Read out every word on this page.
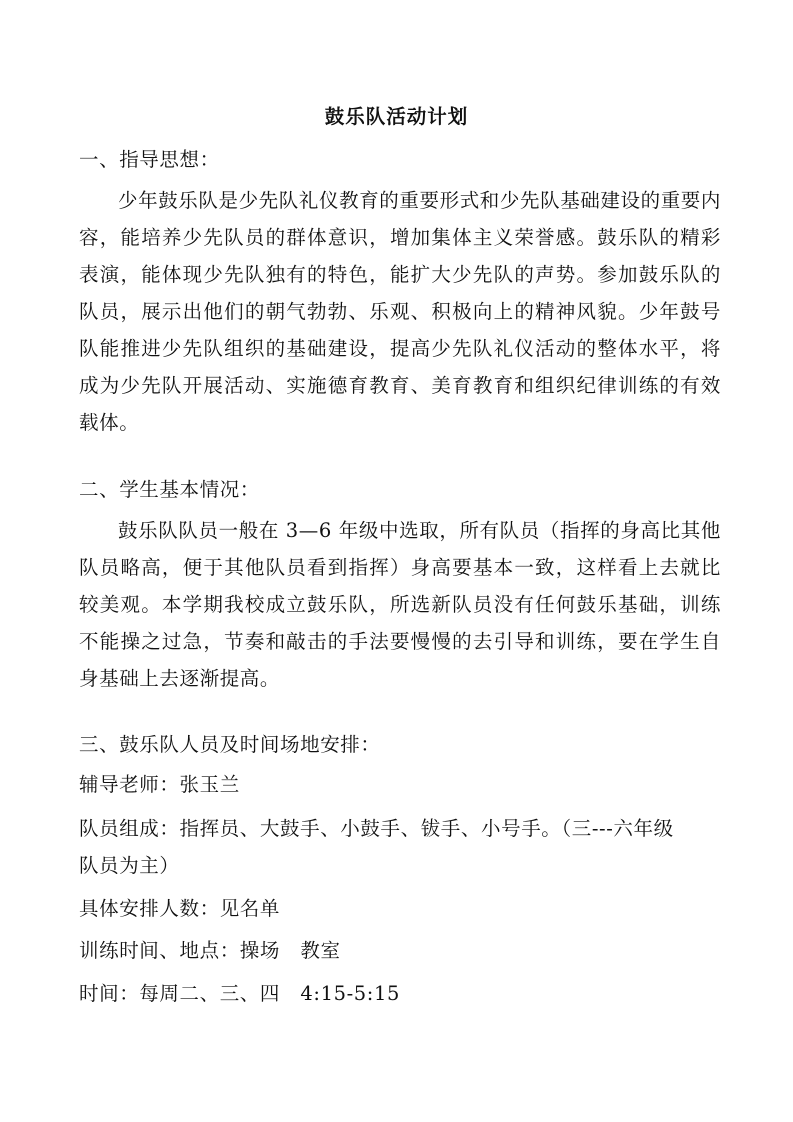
鼓乐队活动计划
一、指导思想：
少年鼓乐队是少先队礼仪教育的重要形式和少先队基础建设的重要内容，能培养少先队员的群体意识，增加集体主义荣誉感。鼓乐队的精彩表演，能体现少先队独有的特色，能扩大少先队的声势。参加鼓乐队的队员，展示出他们的朝气勃勃、乐观、积极向上的精神风貌。少年鼓号队能推进少先队组织的基础建设，提高少先队礼仪活动的整体水平，将成为少先队开展活动、实施德育教育、美育教育和组织纪律训练的有效载体。
二、学生基本情况：
鼓乐队队员一般在 3—6 年级中选取，所有队员（指挥的身高比其他队员略高，便于其他队员看到指挥）身高要基本一致，这样看上去就比较美观。本学期我校成立鼓乐队，所选新队员没有任何鼓乐基础，训练不能操之过急，节奏和敲击的手法要慢慢的去引导和训练，要在学生自身基础上去逐渐提高。
三、鼓乐队人员及时间场地安排：
辅导老师：张玉兰
队员组成：指挥员、大鼓手、小鼓手、钹手、小号手。（三---六年级
队员为主）
具体安排人数：见名单
训练时间、地点：操场   教室
时间：每周二、三、四   4:15-5:15
